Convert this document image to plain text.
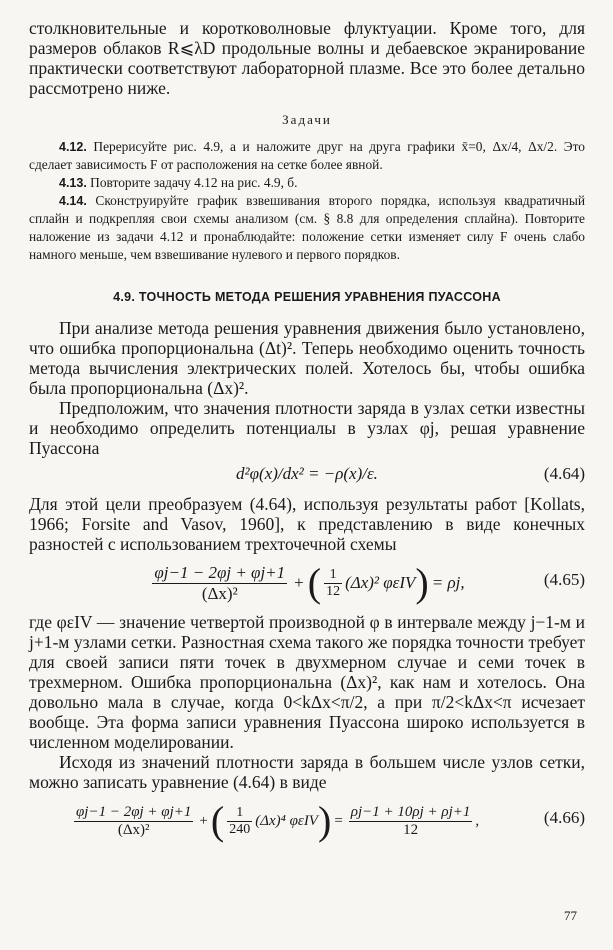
столкновительные и коротковолновые флуктуации. Кроме того, для размеров облаков R⩽λD продольные волны и дебаевское экранирование практически соответствуют лабораторной плазме. Все это более детально рассмотрено ниже.

Задачи

4.12. Перерисуйте рис. 4.9, a и наложите друг на друга графики x̄=0, Δx/4, Δx/2. Это сделает зависимость F от расположения на сетке более явной.

4.13. Повторите задачу 4.12 на рис. 4.9, б.

4.14. Сконструируйте график взвешивания второго порядка, используя квадратичный сплайн и подкрепляя свои схемы анализом (см. § 8.8 для определения сплайна). Повторите наложение из задачи 4.12 и пронаблюдайте: положение сетки изменяет силу F очень слабо намного меньше, чем взвешивание нулевого и первого порядков.

4.9. ТОЧНОСТЬ МЕТОДА РЕШЕНИЯ УРАВНЕНИЯ ПУАССОНА

При анализе метода решения уравнения движения было установлено, что ошибка пропорциональна (Δt)². Теперь необходимо оценить точность метода вычисления электрических полей. Хотелось бы, чтобы ошибка была пропорциональна (Δx)².

Предположим, что значения плотности заряда в узлах сетки известны и необходимо определить потенциалы в узлах φj, решая уравнение Пуассона

d²φ(x)/dx² = −ρ(x)/ε.	(4.64)

Для этой цели преобразуем (4.64), используя результаты работ [Kollats, 1966; Forsite and Vasov, 1960], к представлению в виде конечных разностей с использованием трехточечной схемы

$\frac{\varphi j-1 - 2\varphi j + \varphi j+1}{\text{(Δx)²}}$ + ( $\frac{1}{12} (\Delta x)^2$ φεIV ) = ρj,	(4.65)

где φεIV — значение четвертой производной φ в интервале между j−1-м и j+1-м узлами сетки. Разностная схема такого же порядка точности требует для своей записи пяти точек в двухмерном случае и семи точек в трехмерном. Ошибка пропорциональна (Δx)², как нам и хотелось. Она довольно мала в случае, когда 0<kΔx<π/2, а при π/2<kΔx<π исчезает вообще. Эта форма записи уравнения Пуассона широко используется в численном моделировании.

Исходя из значений плотности заряда в большем числе узлов сетки, можно записать уравнение (4.64) в виде

$\frac{\varphi j-1 - 2\varphi j + \varphi j+1}{\text{(Δx)²}}$ + ( $\frac{1}{240} (\Delta x)^4$ φεIV ) = $\frac{\rho j-1 + 10\rho j + \rho j+1}{12}$ ,	(4.66)
77
